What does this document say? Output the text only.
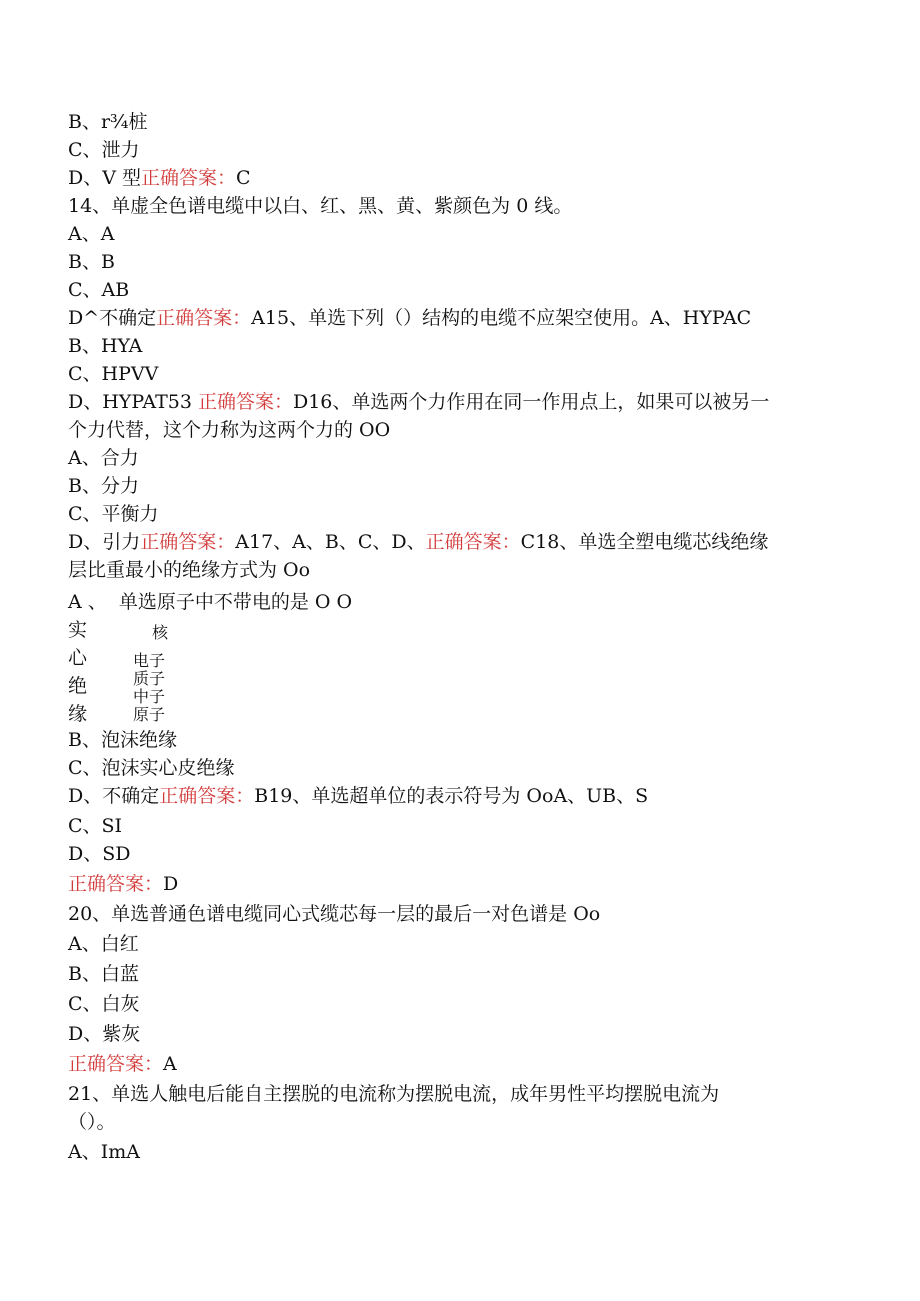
B、r¾桩
C、泄力
D、V 型正确答案：C
14、单虚全色谱电缆中以白、红、黑、黄、紫颜色为 0 线。
A、A
B、B
C、AB
D^不确定正确答案：A15、单选下列（）结构的电缆不应架空使用。A、HYPAC
B、HYA
C、HPVV
D、HYPAT53 正确答案：D16、单选两个力作用在同一作用点上，如果可以被另一
个力代替，这个力称为这两个力的 OO
A、合力
B、分力
C、平衡力
D、引力正确答案：A17、A、B、C、D、正确答案：C18、单选全塑电缆芯线绝缘
层比重最小的绝缘方式为 Oo
A 、  单选原子中不带电的是 O O
实
心
绝
缘
核
电子
质子
中子
原子
B、泡沫绝缘
C、泡沫实心皮绝缘
D、不确定正确答案：B19、单选超单位的表示符号为 OoA、UB、S
C、SI
D、SD
正确答案：D
20、单选普通色谱电缆同心式缆芯每一层的最后一对色谱是 Oo
A、白红
B、白蓝
C、白灰
D、紫灰
正确答案：A
21、单选人触电后能自主摆脱的电流称为摆脱电流，成年男性平均摆脱电流为
（）。
A、ImA
